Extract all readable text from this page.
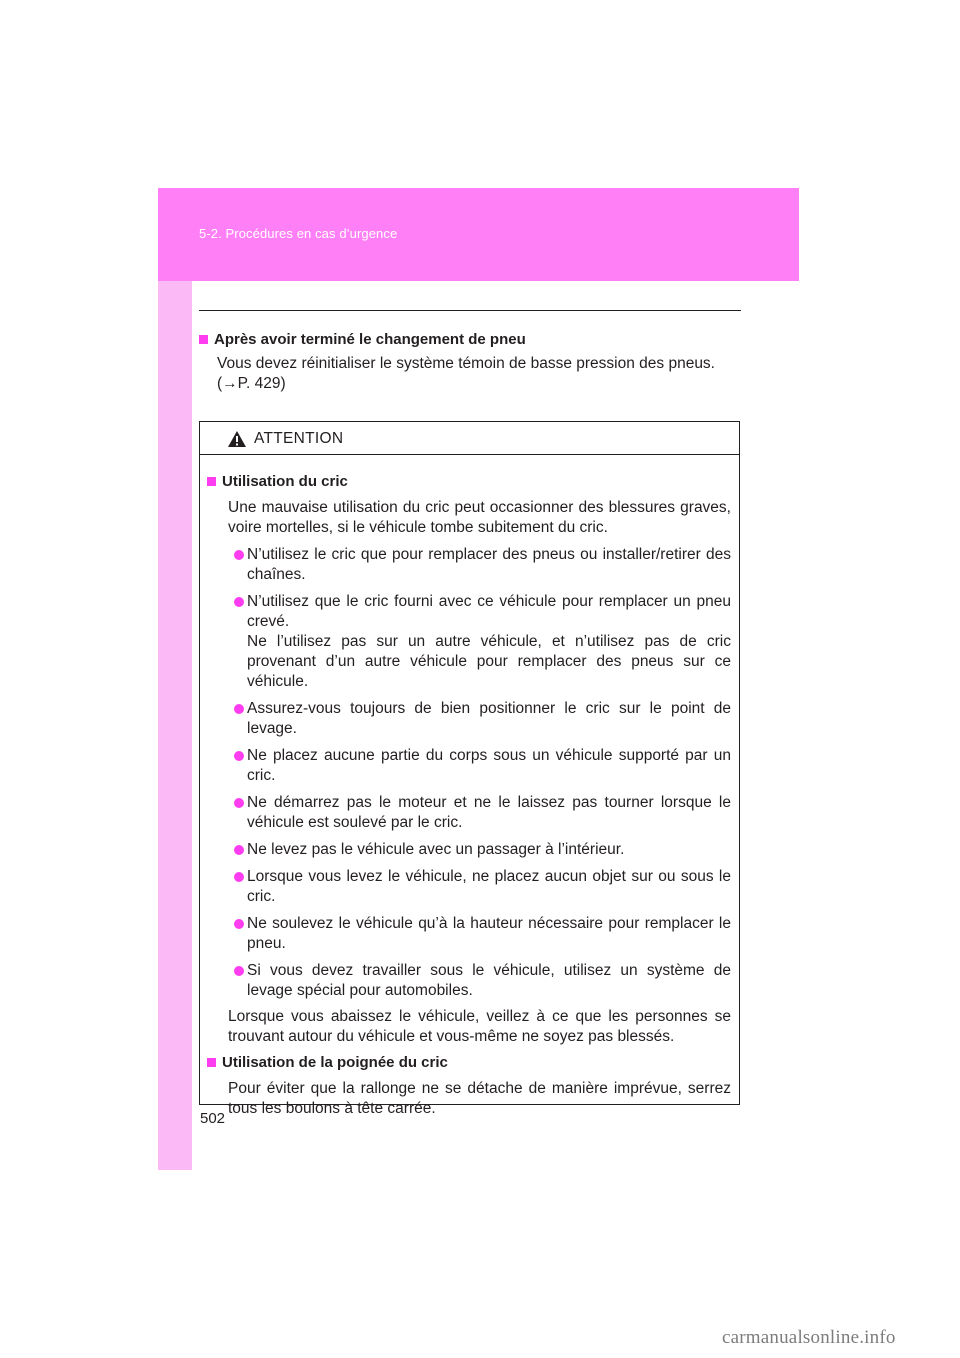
5-2. Procédures en cas d’urgence
Après avoir terminé le changement de pneu
Vous devez réinitialiser le système témoin de basse pression des pneus.
(→P. 429)
ATTENTION
Utilisation du cric
Une mauvaise utilisation du cric peut occasionner des blessures graves, voire mortelles, si le véhicule tombe subitement du cric.
N’utilisez le cric que pour remplacer des pneus ou installer/retirer des chaînes.
N’utilisez que le cric fourni avec ce véhicule pour remplacer un pneu crevé.
Ne l’utilisez pas sur un autre véhicule, et n’utilisez pas de cric provenant d’un autre véhicule pour remplacer des pneus sur ce véhicule.
Assurez-vous toujours de bien positionner le cric sur le point de levage.
Ne placez aucune partie du corps sous un véhicule supporté par un cric.
Ne démarrez pas le moteur et ne le laissez pas tourner lorsque le véhicule est soulevé par le cric.
Ne levez pas le véhicule avec un passager à l’intérieur.
Lorsque vous levez le véhicule, ne placez aucun objet sur ou sous le cric.
Ne soulevez le véhicule qu’à la hauteur nécessaire pour remplacer le pneu.
Si vous devez travailler sous le véhicule, utilisez un système de levage spécial pour automobiles.
Lorsque vous abaissez le véhicule, veillez à ce que les personnes se trouvant autour du véhicule et vous-même ne soyez pas blessés.
Utilisation de la poignée du cric
Pour éviter que la rallonge ne se détache de manière imprévue, serrez tous les boulons à tête carrée.
502
carmanualsonline.info
